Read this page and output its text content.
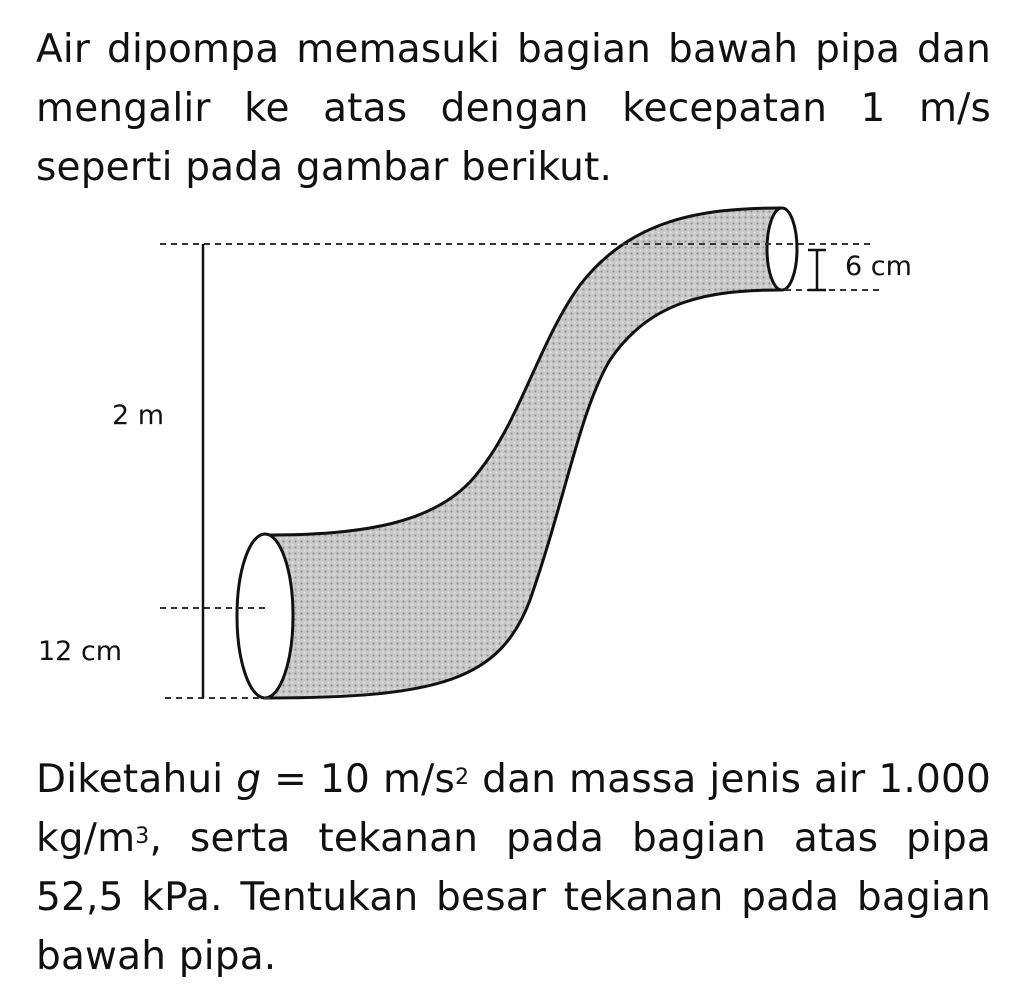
Air dipompa memasuki bagian bawah pipa dan mengalir ke atas dengan kecepatan 1 m/s seperti pada gambar berikut.
2 m
6 cm
12 cm
Diketahui g = 10 $m/s^2$ dan massa jenis air 1.000 $kg/m^3$, serta tekanan pada bagian atas pipa 52,5 kPa. Tentukan besar tekanan pada bagian bawah pipa.
